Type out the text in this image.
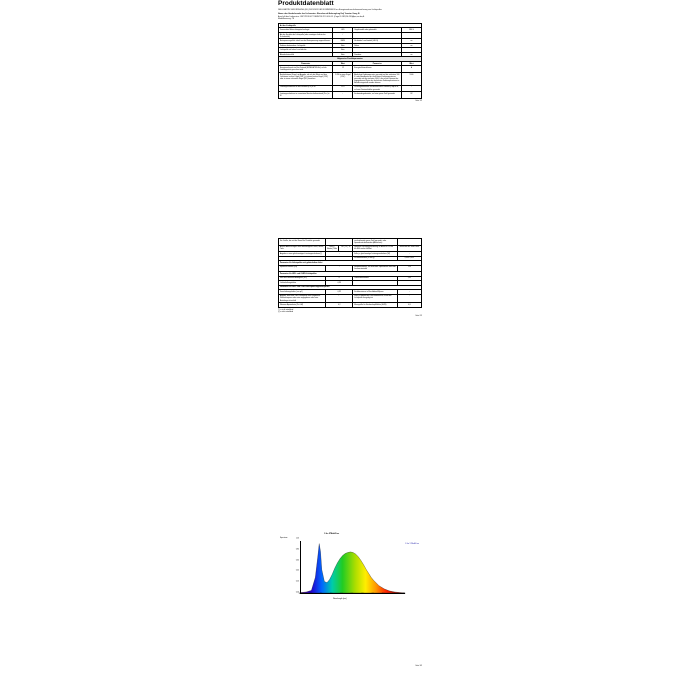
Produktdatenblatt

DELEGIERTE VERORDNUNG (EU) 2019/2015 DER KOMMISSION zur Energieverbrauchskennzeichnung von Lichtquellen

Name oder Handelsmarke des Lieferanten: Shenzhenshi Aohonglong Keji Youxian Gong Si

Anschrift des Lieferanten: CEP PRODUCT SERVICE PI 3.0 EL-11 (Cage ID 182,R6-220)Apm,ser bo,A.

Modellkennung: T8

Art der Lichtquelle			
Verwendete Beleuchtungstechnologie:	LED	Ungebündelt oder gebündelt	NDLS
Art des Sockels der Lichtquelle (oder sonstiger elektrischer Schnittstelle)	/		
Netzspannungslicht- direkt an das Netzspannung angeschlossen	NEIN	Verbinden Leuchtmittel (HLLS)	ne
Farbton abstimmbare Lichtquelle	Nein	Rahm	ne
Lichtquelle mit hoher Leuchtdichte	Nein		
Blendschutzschild	Nein	Dimmbar	ne
Allgemeine Produktparameter			
Parameter	Wert	Parameter	Wert
Energieverbrauch im Ein-Zustand (EWEIGHTED-Es) auf die Leistungsstufe gerechnet wird.	12	Energieeffizienzklasse	A
Nutzlichtstrom (Φuse) mit Angabe, ob sich die Werte auf den Lichtstrom in einer Kugel (360°), in einem breiten Kegel (120°) oder in einem schmalen Kegel (90°) beziehen	2.280 in einer Kugel (120°)	Ähnlichste Farbtemperatur, gerundet auf die nächsten 100 K, oder Bandbreite der ähnlichsten Farbtemperaturen, gerundet auf die nächsten 100 K, die auf der Spanne der angegebenen Werte der ähnlichsten Farbtemperaturen im Betrieb eingestellt werden können	5100
Leistungsaufnahme im Ein-Zustand (Pₒₙ) in W	12.0	Leistungsaufnahme im Bereitschafts- zustand (Pₛₘ) in W, auf zwei Dezimalstellen gerundet	-
Leistungsaufnahme im vernetzten Bereitschaftszustand (Pₙₑₜ) in W	-	Farbwiedergabeindex, auf eine ganze Zahl gerundet	82
Seite 1/3
Die Größe, die auf der Norm Ein Produkte gerundet			nachstehende ganze Zahl gerundet, oder Spannbreite definierbar (Ähnlichste)	
Außere Abmessungen ohne Betriebsgerät: Höhe, Breite, Tiefe	Höhe | Breite | Tiefe	250 | 32 | 32	Spektrale Strahlungsverteilung im Bereich 250 nm bis 800 nm bei Volllast	Siehe Bild auf Seite Seite
Angabe zu einer gleichwertigen Leistungsaufnahme(*)	-		Falls ja, gleichwertige Leistungsaufnahme (W)	-
			Farbkoordinaten (x und y)	0,440 0,055
Parameter für Lichtquellen mit gebündeltem Licht				
Spitzenlichtstärke (cd)	-		Halbwertswinkel, an Grad oder Spannbreite zwischen hochwertswinkel	120
Parameter für LED- und OLED-Lichtquellen				
Wert des Mittelwertbedingens (R9)	0		Lebensdauerfaktor	1,05
Lichterhaltungsfaktor	0,93			
Parameter für LED- und OLED-Netzspannungslichtquellen				
Verschiebungsfaktor (cos φ1)	0,92		Farbkonsistenz in Mac-Adam-Ellipsen	-
Angabe, dass eine LED-Lichtquelle eine eingebaute Flackerfrequenz oder eine angegebene oder eine Betriebsgerät enthält	/*		Falls ja, Angabe der Leuchtstoffröhre, für die die Lichtquelle ausgelegt ist	-
Flimmer-Äquivalente (Pst LM)	0,2		Messgröße für Stroboskop-Effekte (SVM)	0,8
(*) = nicht zutreffend
(¹) = nicht zutreffend
Seite 2/3
1.2m 5TBulbTree
Spectrum
1.2m 5TBulbTree
0.00
0.20
0.40
0.60
0.80
1.00
380	420	460	500	540	580	620	660	700	740	780
Wavelength [nm]
Seite 3/3
